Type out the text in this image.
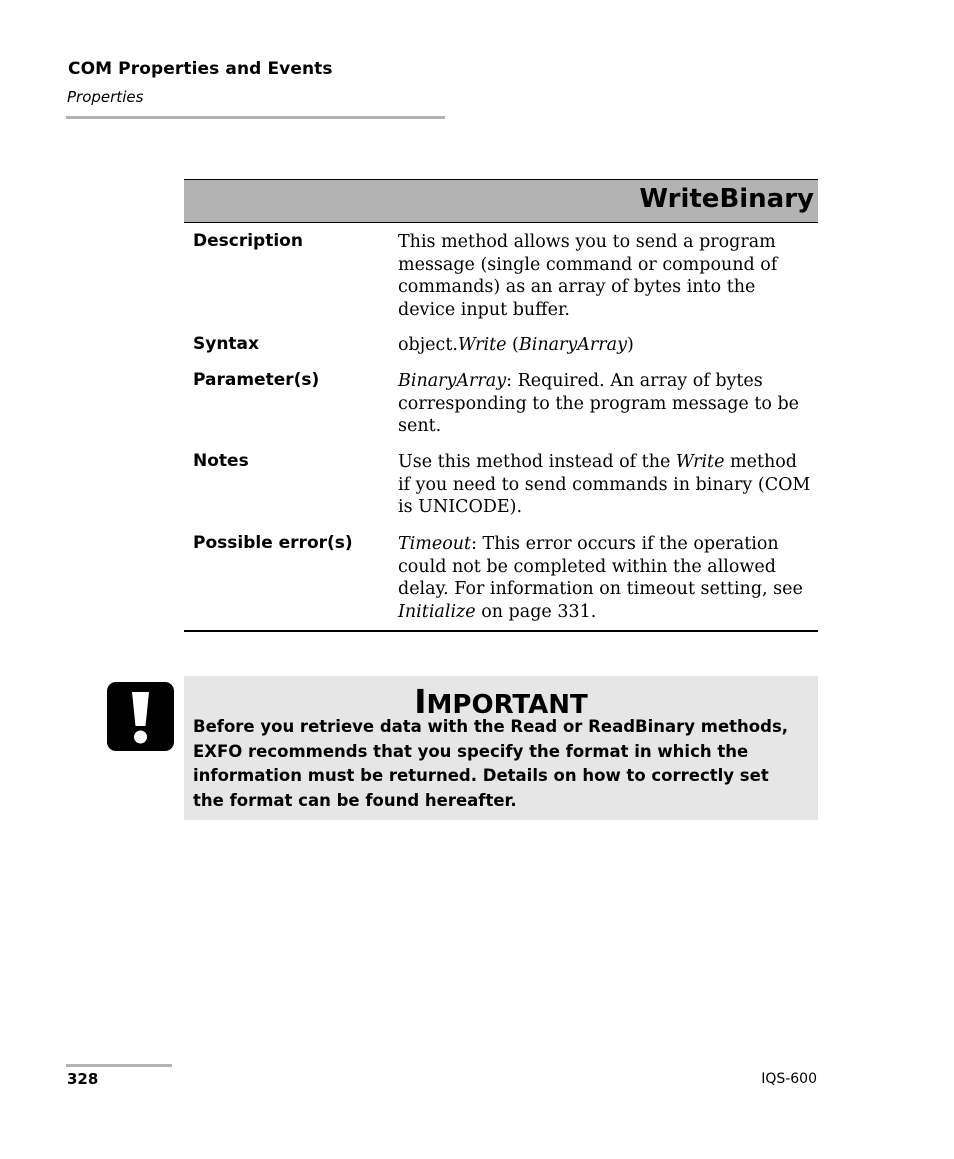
COM Properties and Events
Properties
WriteBinary
Description	This method allows you to send a program message (single command or compound of commands) as an array of bytes into the device input buffer.
Syntax	object.Write (BinaryArray)
Parameter(s)	BinaryArray: Required. An array of bytes corresponding to the program message to be sent.
Notes	Use this method instead of the Write method if you need to send commands in binary (COM is UNICODE).
Possible error(s)	Timeout: This error occurs if the operation could not be completed within the allowed delay. For information on timeout setting, see Initialize on page 331.
IMPORTANT
Before you retrieve data with the Read or ReadBinary methods, EXFO recommends that you specify the format in which the information must be returned. Details on how to correctly set the format can be found hereafter.
328	IQS-600
